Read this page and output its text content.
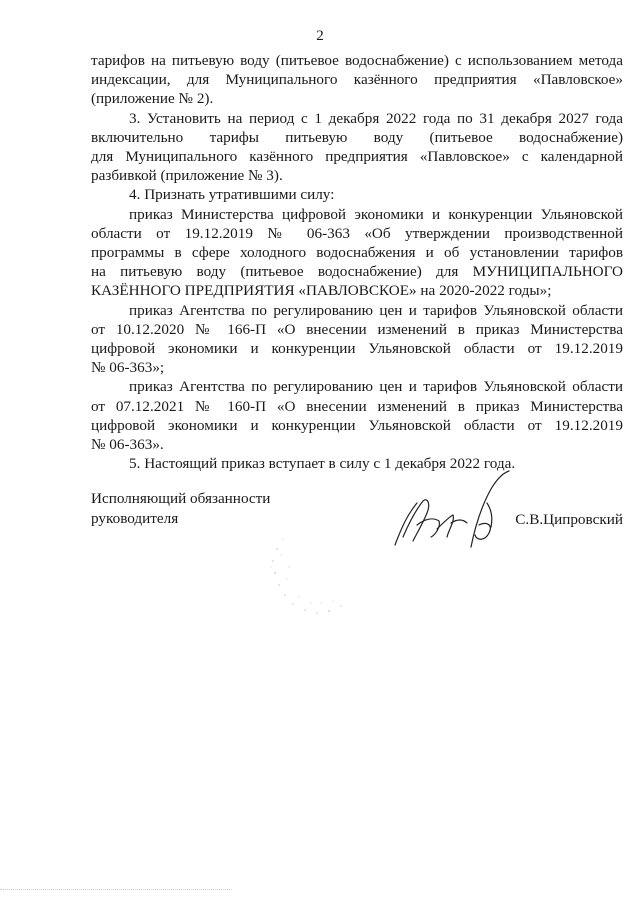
2

тарифов на питьевую воду (питьевое водоснабжение) с использованием метода

индексации, для Муниципального казённого предприятия «Павловское»

(приложение № 2).

3. Установить на период с 1 декабря 2022 года по 31 декабря 2027 года

включительно тарифы питьевую воду (питьевое водоснабжение)

для Муниципального казённого предприятия «Павловское» с календарной

разбивкой (приложение № 3).

4. Признать утратившими силу:

приказ Министерства цифровой экономики и конкуренции Ульяновской

области от 19.12.2019 № 06-363 «Об утверждении производственной

программы в сфере холодного водоснабжения и об установлении тарифов

на питьевую воду (питьевое водоснабжение) для МУНИЦИПАЛЬНОГО

КАЗЁННОГО ПРЕДПРИЯТИЯ «ПАВЛОВСКОЕ» на 2020-2022 годы»;

приказ Агентства по регулированию цен и тарифов Ульяновской области

от 10.12.2020 № 166-П «О внесении изменений в приказ Министерства

цифровой экономики и конкуренции Ульяновской области от 19.12.2019

№ 06-363»;

приказ Агентства по регулированию цен и тарифов Ульяновской области

от 07.12.2021 № 160-П «О внесении изменений в приказ Министерства

цифровой экономики и конкуренции Ульяновской области от 19.12.2019

№ 06-363».

5. Настоящий приказ вступает в силу с 1 декабря 2022 года.

Исполняющий обязанности
руководителя	С.В.Ципровский
